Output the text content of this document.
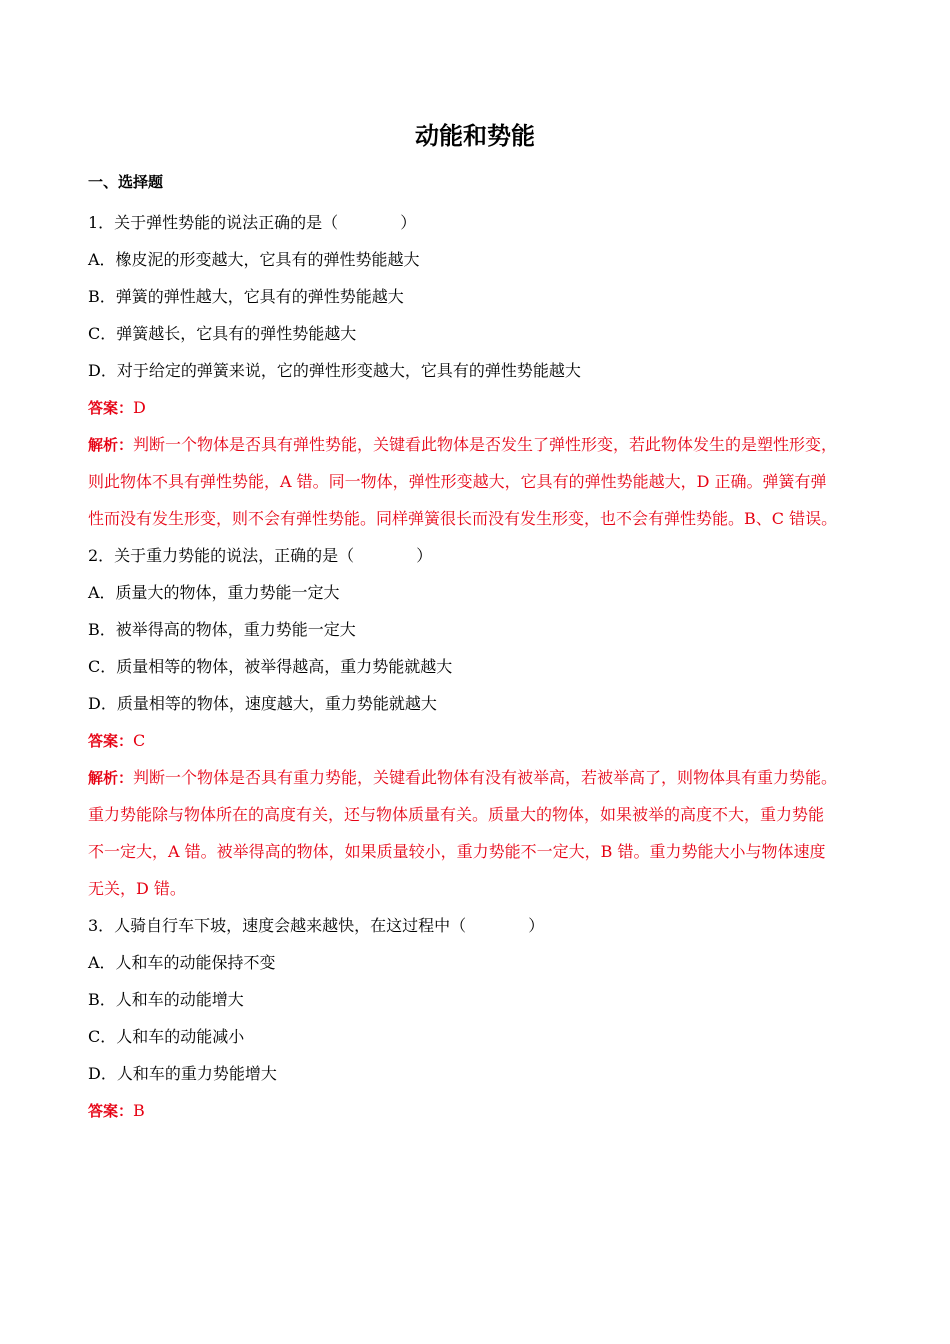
动能和势能
一、选择题
1．关于弹性势能的说法正确的是（	）
A．橡皮泥的形变越大，它具有的弹性势能越大
B．弹簧的弹性越大，它具有的弹性势能越大
C．弹簧越长，它具有的弹性势能越大
D．对于给定的弹簧来说，它的弹性形变越大，它具有的弹性势能越大
答案：D
解析：判断一个物体是否具有弹性势能，关键看此物体是否发生了弹性形变，若此物体发生的是塑性形变，
则此物体不具有弹性势能，A 错。同一物体，弹性形变越大，它具有的弹性势能越大，D 正确。弹簧有弹
性而没有发生形变，则不会有弹性势能。同样弹簧很长而没有发生形变，也不会有弹性势能。B、C 错误。
2．关于重力势能的说法，正确的是（	）
A．质量大的物体，重力势能一定大
B．被举得高的物体，重力势能一定大
C．质量相等的物体，被举得越高，重力势能就越大
D．质量相等的物体，速度越大，重力势能就越大
答案：C
解析：判断一个物体是否具有重力势能，关键看此物体有没有被举高，若被举高了，则物体具有重力势能。
重力势能除与物体所在的高度有关，还与物体质量有关。质量大的物体，如果被举的高度不大，重力势能
不一定大，A 错。被举得高的物体，如果质量较小，重力势能不一定大，B 错。重力势能大小与物体速度
无关，D 错。
3．人骑自行车下坡，速度会越来越快，在这过程中（	）
A．人和车的动能保持不变
B．人和车的动能增大
C．人和车的动能减小
D．人和车的重力势能增大
答案：B
